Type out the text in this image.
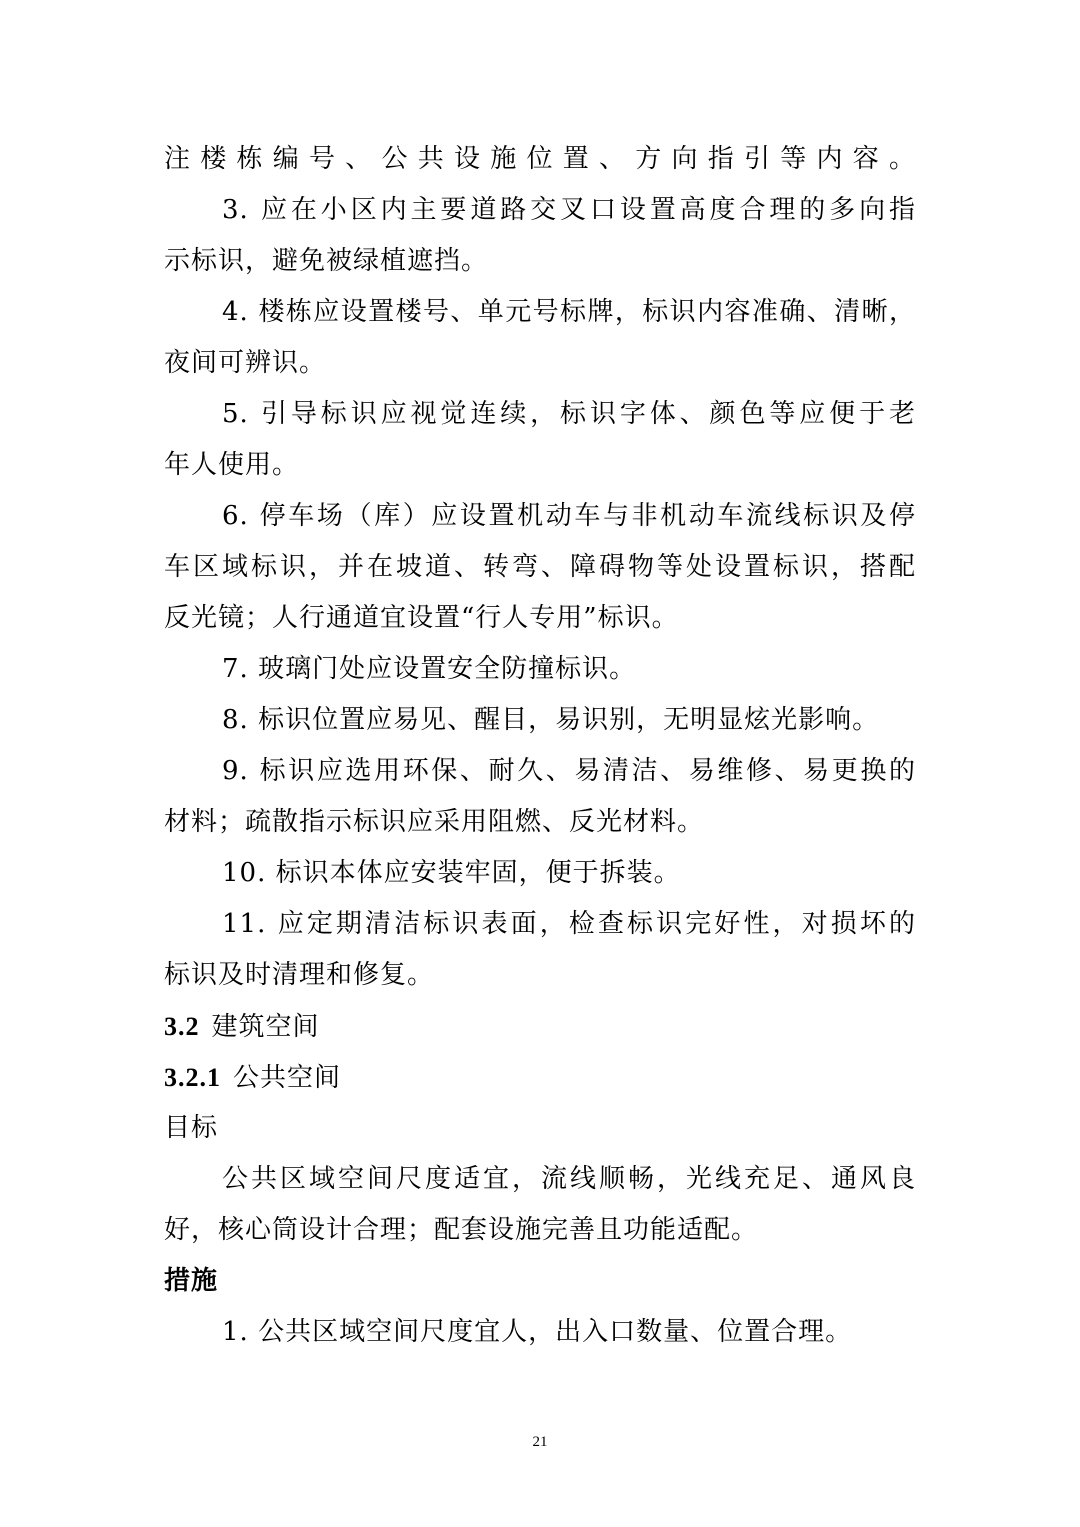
注楼栋编号、公共设施位置、方向指引等内容。
3. 应在小区内主要道路交叉口设置高度合理的多向指
示标识，避免被绿植遮挡。
4. 楼栋应设置楼号、单元号标牌，标识内容准确、清晰，
夜间可辨识。
5. 引导标识应视觉连续，标识字体、颜色等应便于老
年人使用。
6. 停车场（库）应设置机动车与非机动车流线标识及停
车区域标识，并在坡道、转弯、障碍物等处设置标识，搭配
反光镜；人行通道宜设置“行人专用”标识。
7. 玻璃门处应设置安全防撞标识。
8. 标识位置应易见、醒目，易识别，无明显炫光影响。
9. 标识应选用环保、耐久、易清洁、易维修、易更换的
材料；疏散指示标识应采用阻燃、反光材料。
10. 标识本体应安装牢固，便于拆装。
11. 应定期清洁标识表面，检查标识完好性，对损坏的
标识及时清理和修复。
3.2 建筑空间
3.2.1 公共空间
目标
公共区域空间尺度适宜，流线顺畅，光线充足、通风良
好，核心筒设计合理；配套设施完善且功能适配。
措施
1. 公共区域空间尺度宜人，出入口数量、位置合理。
21
